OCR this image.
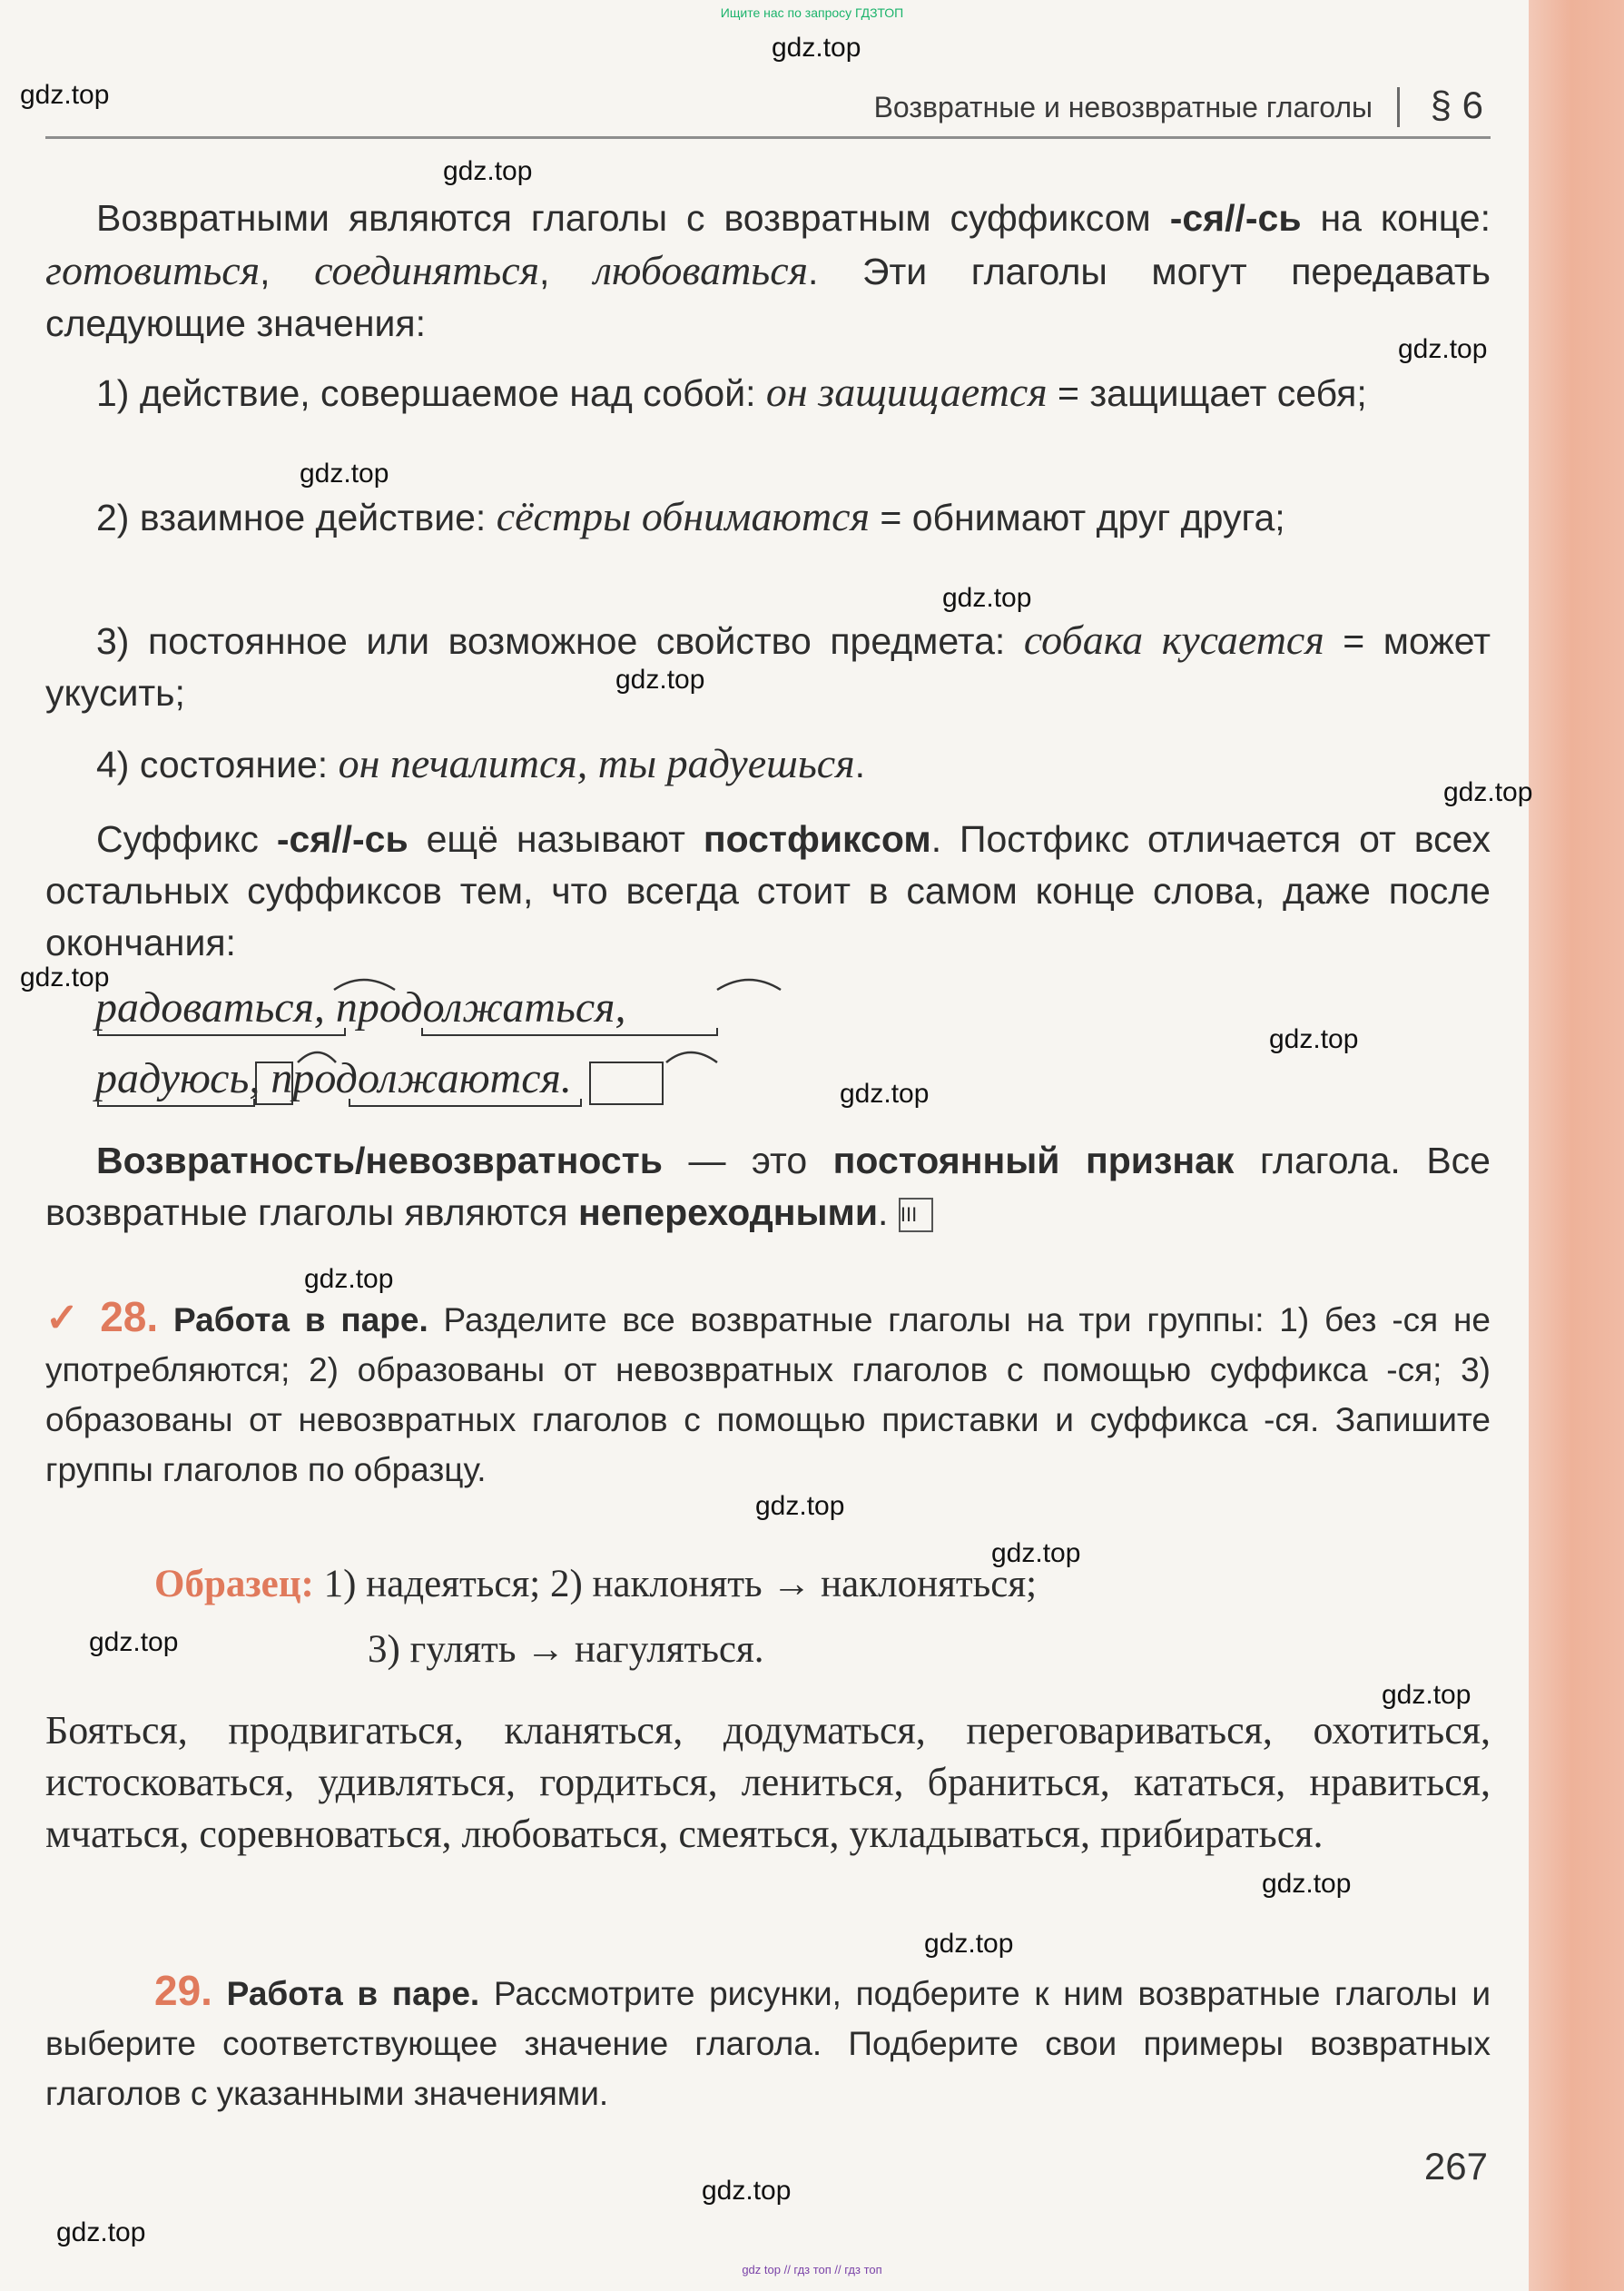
Ищите нас по запросу ГДЗТОП
gdz.top
gdz.top
gdz.top
gdz.top
gdz.top
gdz.top
gdz.top
gdz.top
gdz.top
gdz.top
gdz.top
gdz.top
gdz.top
gdz.top
gdz.top
gdz.top
gdz.top
gdz.top
gdz.top
gdz.top
Возвратные и невозвратные глаголы § 6
Возвратными являются глаголы с возвратным суффиксом -ся//-сь на конце: готовиться, соединяться, любоваться. Эти глаголы могут передавать следующие значения:
1) действие, совершаемое над собой: он защищается = защищает себя;
2) взаимное действие: сёстры обнимаются = обнимают друг друга;
3) постоянное или возможное свойство предмета: собака кусается = может укусить;
4) состояние: он печалится, ты радуешься.
Суффикс -ся//-сь ещё называют постфиксом. Постфикс отличается от всех остальных суффиксов тем, что всегда стоит в самом конце слова, даже после окончания:
радоваться, продолжаться,
радуюсь, продолжаются.
Возвратность/невозвратность — это постоянный признак глагола. Все возвратные глаголы являются непереходными. III
✓ 28. Работа в паре. Разделите все возвратные глаголы на три группы: 1) без -ся не употребляются; 2) образованы от невозвратных глаголов с помощью суффикса -ся; 3) образованы от невозвратных глаголов с помощью приставки и суффикса -ся. Запишите группы глаголов по образцу.
Образец: 1) надеяться; 2) наклонять → наклоняться;
3) гулять → нагуляться.
Бояться, продвигаться, кланяться, додуматься, переговариваться, охотиться, истосковаться, удивляться, гордиться, лениться, браниться, кататься, нравиться, мчаться, соревноваться, любоваться, смеяться, укладываться, прибираться.
29. Работа в паре. Рассмотрите рисунки, подберите к ним возвратные глаголы и выберите соответствующее значение глагола. Подберите свои примеры возвратных глаголов с указанными значениями.
267
gdz top // гдз топ // гдз топ
